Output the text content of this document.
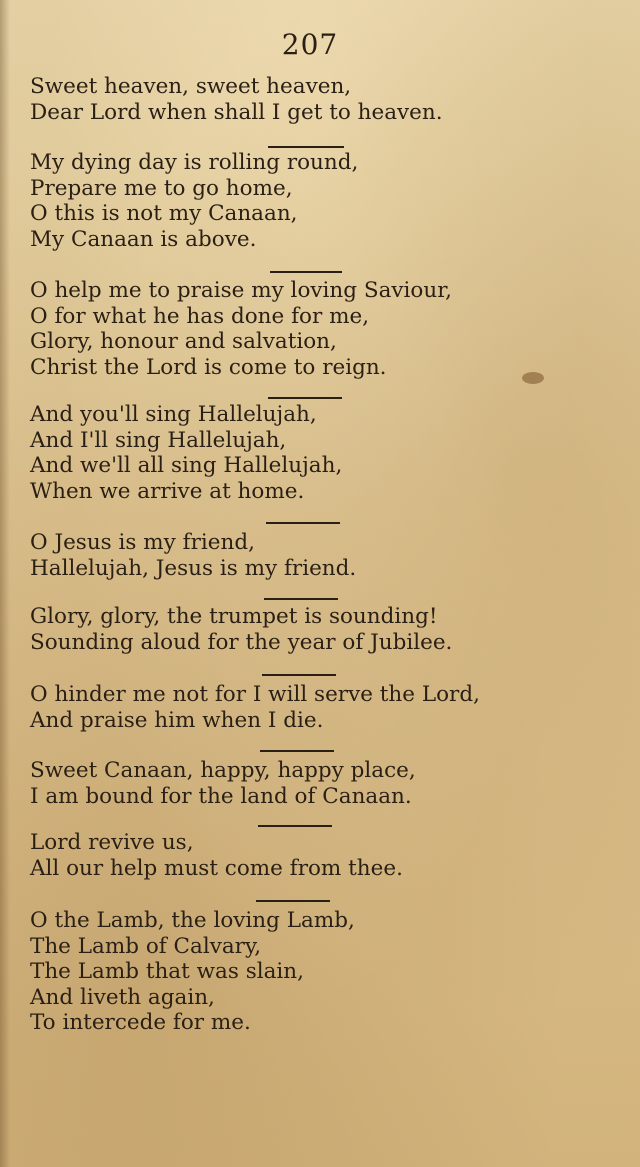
207

Sweet heaven, sweet heaven,

Dear Lord when shall I get to heaven.

My dying day is rolling round,

Prepare me to go home,

O this is not my Canaan,

My Canaan is above.

O help me to praise my loving Saviour,

O for what he has done for me,

Glory, honour and salvation,

Christ the Lord is come to reign.

And you'll sing Hallelujah,

And I'll sing Hallelujah,

And we'll all sing Hallelujah,

When we arrive at home.

O Jesus is my friend,

Hallelujah, Jesus is my friend.

Glory, glory, the trumpet is sounding!

Sounding aloud for the year of Jubilee.

O hinder me not for I will serve the Lord,

And praise him when I die.

Sweet Canaan, happy, happy place,

I am bound for the land of Canaan.

Lord revive us,

All our help must come from thee.

O the Lamb, the loving Lamb,

The Lamb of Calvary,

The Lamb that was slain,

And liveth again,

To intercede for me.
